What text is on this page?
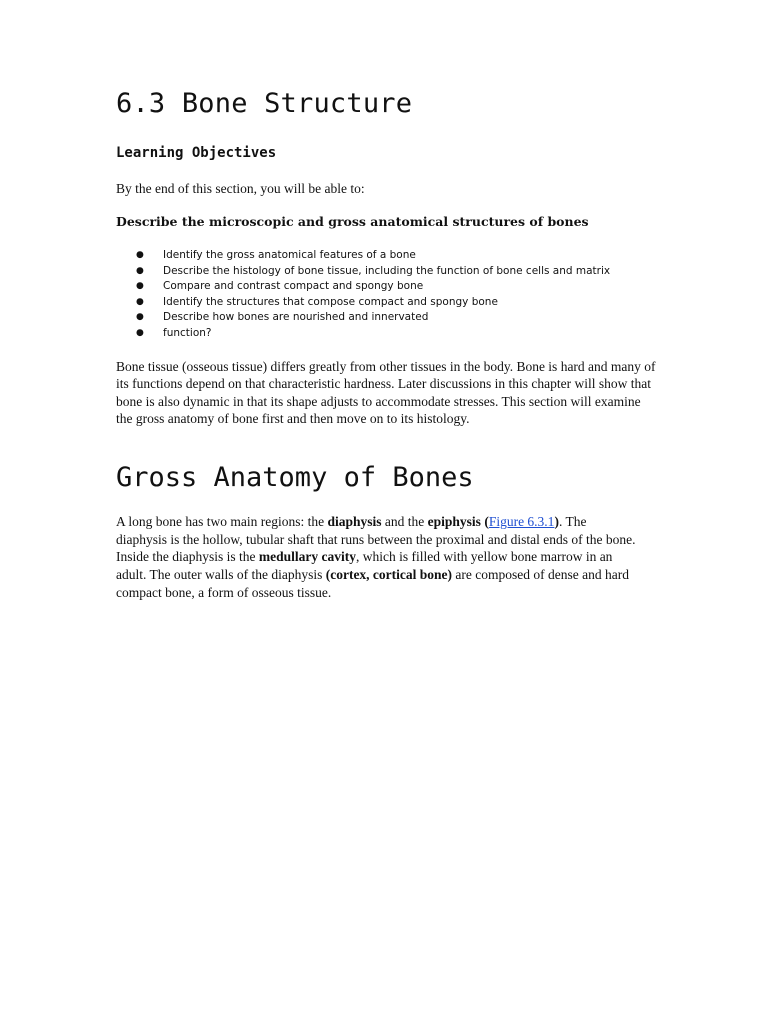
6.3 Bone Structure
Learning Objectives

By the end of this section, you will be able to:

Describe the microscopic and gross anatomical structures of bones

● Identify the gross anatomical features of a bone
● Describe the histology of bone tissue, including the function of bone cells and matrix
● Compare and contrast compact and spongy bone
● Identify the structures that compose compact and spongy bone
● Describe how bones are nourished and innervated
● function?

Bone tissue (osseous tissue) differs greatly from other tissues in the body. Bone is hard and many of its functions depend on that characteristic hardness. Later discussions in this chapter will show that bone is also dynamic in that its shape adjusts to accommodate stresses. This section will examine the gross anatomy of bone first and then move on to its histology.

Gross Anatomy of Bones

A long bone has two main regions: the diaphysis and the epiphysis (Figure 6.3.1). The diaphysis is the hollow, tubular shaft that runs between the proximal and distal ends of the bone. Inside the diaphysis is the medullary cavity, which is filled with yellow bone marrow in an adult. The outer walls of the diaphysis (cortex, cortical bone) are composed of dense and hard compact bone, a form of osseous tissue.
